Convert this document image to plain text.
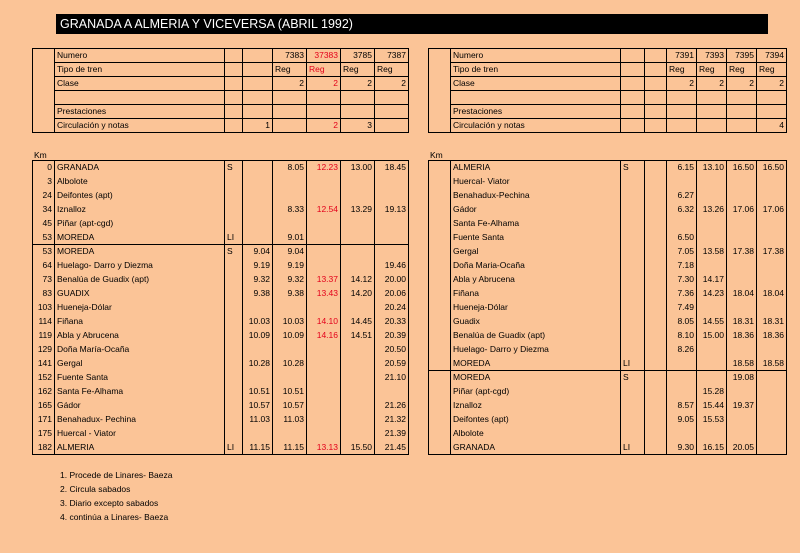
GRANADA A ALMERIA Y VICEVERSA (ABRIL 1992)
Km	Km
	Numero			7383	37383	3785	7387
	Tipo de tren			Reg	Reg	Reg	Reg
	Clase			2	2	2	2

	Prestaciones						
	Circulación y notas		1		2	3	
0	GRANADA	S		8.05	12.23	13.00	18.45
3	Albolote						
24	Deifontes (apt)						
34	Iznalloz			8.33	12.54	13.29	19.13
45	Piñar (apt-cgd)						
53	MOREDA	LI		9.01			
53	MOREDA	S	9.04	9.04			
64	Huelago- Darro y Diezma		9.19	9.19			19.46
73	Benalúa de Guadix (apt)		9.32	9.32	13.37	14.12	20.00
83	GUADIX		9.38	9.38	13.43	14.20	20.06
103	Hueneja-Dólar						20.24
114	Fiñana		10.03	10.03	14.10	14.45	20.33
119	Abla y Abrucena		10.09	10.09	14.16	14.51	20.39
129	Doña María-Ocaña						20.50
141	Gergal		10.28	10.28			20.59
152	Fuente Santa						21.10
162	Santa Fe-Alhama		10.51	10.51			
165	Gádor		10.57	10.57			21.26
171	Benahadux- Pechina		11.03	11.03			21.32
175	Huercal - Viator						21.39
182	ALMERIA	LI	11.15	11.15	13.13	15.50	21.45
	Numero			7391	7393	7395	7394
	Tipo de tren			Reg	Reg	Reg	Reg
	Clase			2	2	2	2

	Prestaciones						
	Circulación y notas						4
	ALMERIA	S		6.15	13.10	16.50	16.50
	Huercal- Viator						
	Benahadux-Pechina			6.27			
	Gádor			6.32	13.26	17.06	17.06
	Santa Fe-Alhama						
	Fuente Santa			6.50			
	Gergal			7.05	13.58	17.38	17.38
	Doña Maria-Ocaña			7.18			
	Abla y Abrucena			7.30	14.17		
	Fiñana			7.36	14.23	18.04	18.04
	Hueneja-Dólar			7.49			
	Guadix			8.05	14.55	18.31	18.31
	Benalúa de Guadix (apt)			8.10	15.00	18.36	18.36
	Huelago- Darro y Diezma			8.26			
	MOREDA	LI				18.58	18.58
	MOREDA	S				19.08	
	Piñar (apt-cgd)				15.28		
	Iznalloz			8.57	15.44	19.37	
	Deifontes (apt)			9.05	15.53		
	Albolote						
	GRANADA	LI		9.30	16.15	20.05	
1. Procede de Linares- Baeza
2. Circula sabados
3. Diario excepto sabados
4. continúa a Linares- Baeza
